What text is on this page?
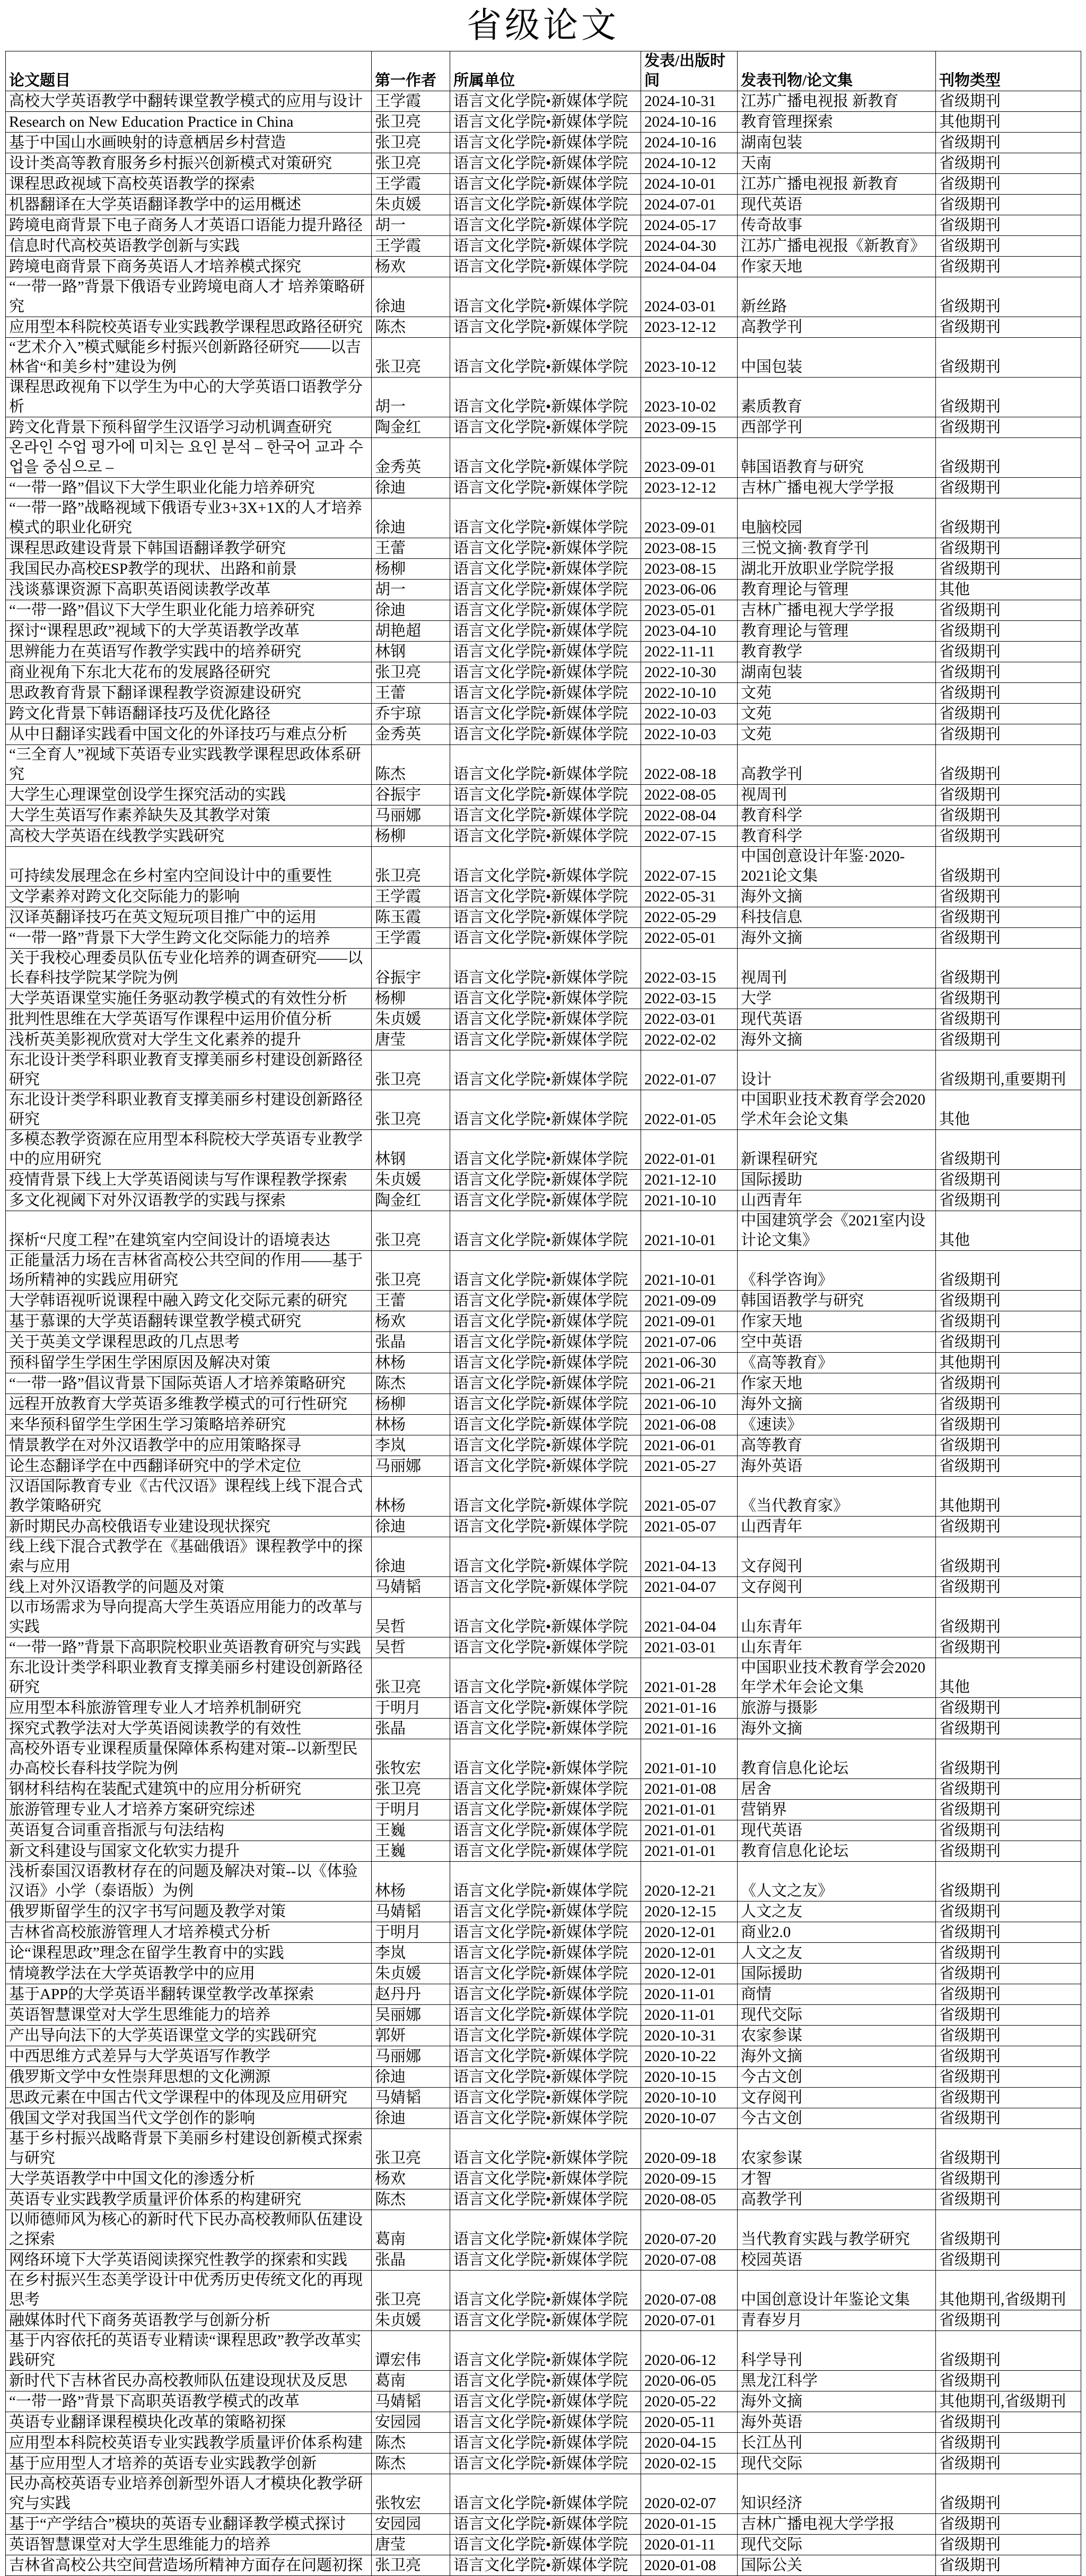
省级论文
论文题目	第一作者	所属单位	发表/出版时间	发表刊物/论文集	刊物类型
高校大学英语教学中翻转课堂教学模式的应用与设计	王学霞	语言文化学院•新媒体学院	2024-10-31	江苏广播电视报 新教育	省级期刊
Research on New Education Practice in China	张卫亮	语言文化学院•新媒体学院	2024-10-16	教育管理探索	其他期刊
基于中国山水画映射的诗意栖居乡村营造	张卫亮	语言文化学院•新媒体学院	2024-10-16	湖南包装	省级期刊
设计类高等教育服务乡村振兴创新模式对策研究	张卫亮	语言文化学院•新媒体学院	2024-10-12	天南	省级期刊
课程思政视域下高校英语教学的探索	王学霞	语言文化学院•新媒体学院	2024-10-01	江苏广播电视报 新教育	省级期刊
机器翻译在大学英语翻译教学中的运用概述	朱贞媛	语言文化学院•新媒体学院	2024-07-01	现代英语	省级期刊
跨境电商背景下电子商务人才英语口语能力提升路径	胡一	语言文化学院•新媒体学院	2024-05-17	传奇故事	省级期刊
信息时代高校英语教学创新与实践	王学霞	语言文化学院•新媒体学院	2024-04-30	江苏广播电视报《新教育》	省级期刊
跨境电商背景下商务英语人才培养模式探究	杨欢	语言文化学院•新媒体学院	2024-04-04	作家天地	省级期刊
“一带一路”背景下俄语专业跨境电商人才 培养策略研究	徐迪	语言文化学院•新媒体学院	2024-03-01	新丝路	省级期刊
应用型本科院校英语专业实践教学课程思政路径研究	陈杰	语言文化学院•新媒体学院	2023-12-12	高教学刊	省级期刊
“艺术介入”模式赋能乡村振兴创新路径研究——以吉林省“和美乡村”建设为例	张卫亮	语言文化学院•新媒体学院	2023-10-12	中国包装	省级期刊
课程思政视角下以学生为中心的大学英语口语教学分析	胡一	语言文化学院•新媒体学院	2023-10-02	素质教育	省级期刊
跨文化背景下预科留学生汉语学习动机调查研究	陶金红	语言文化学院•新媒体学院	2023-09-15	西部学刊	省级期刊
온라인 수업 평가에 미치는 요인 분석 – 한국어 교과 수업을 중심으로 –	金秀英	语言文化学院•新媒体学院	2023-09-01	韩国语教育与研究	省级期刊
“一带一路”倡议下大学生职业化能力培养研究	徐迪	语言文化学院•新媒体学院	2023-12-12	吉林广播电视大学学报	省级期刊
“一带一路”战略视域下俄语专业3+3X+1X的人才培养模式的职业化研究	徐迪	语言文化学院•新媒体学院	2023-09-01	电脑校园	省级期刊
课程思政建设背景下韩国语翻译教学研究	王蕾	语言文化学院•新媒体学院	2023-08-15	三悦文摘·教育学刊	省级期刊
我国民办高校ESP教学的现状、出路和前景	杨柳	语言文化学院•新媒体学院	2023-08-15	湖北开放职业学院学报	省级期刊
浅谈慕课资源下高职英语阅读教学改革	胡一	语言文化学院•新媒体学院	2023-06-06	教育理论与管理	其他
“一带一路”倡议下大学生职业化能力培养研究	徐迪	语言文化学院•新媒体学院	2023-05-01	吉林广播电视大学学报	省级期刊
探讨“课程思政”视域下的大学英语教学改革	胡艳超	语言文化学院•新媒体学院	2023-04-10	教育理论与管理	省级期刊
思辨能力在英语写作教学实践中的培养研究	林钢	语言文化学院•新媒体学院	2022-11-11	教育教学	省级期刊
商业视角下东北大花布的发展路径研究	张卫亮	语言文化学院•新媒体学院	2022-10-30	湖南包装	省级期刊
思政教育背景下翻译课程教学资源建设研究	王蕾	语言文化学院•新媒体学院	2022-10-10	文苑	省级期刊
跨文化背景下韩语翻译技巧及优化路径	乔宇琼	语言文化学院•新媒体学院	2022-10-03	文苑	省级期刊
从中日翻译实践看中国文化的外译技巧与难点分析	金秀英	语言文化学院•新媒体学院	2022-10-03	文苑	省级期刊
“三全育人”视域下英语专业实践教学课程思政体系研究	陈杰	语言文化学院•新媒体学院	2022-08-18	高教学刊	省级期刊
大学生心理课堂创设学生探究活动的实践	谷振宇	语言文化学院•新媒体学院	2022-08-05	视周刊	省级期刊
大学生英语写作素养缺失及其教学对策	马丽娜	语言文化学院•新媒体学院	2022-08-04	教育科学	省级期刊
高校大学英语在线教学实践研究	杨柳	语言文化学院•新媒体学院	2022-07-15	教育科学	省级期刊
可持续发展理念在乡村室内空间设计中的重要性	张卫亮	语言文化学院•新媒体学院	2022-07-15	中国创意设计年鉴·2020-2021论文集	省级期刊
文学素养对跨文化交际能力的影响	王学霞	语言文化学院•新媒体学院	2022-05-31	海外文摘	省级期刊
汉译英翻译技巧在英文短玩项目推广中的运用	陈玉霞	语言文化学院•新媒体学院	2022-05-29	科技信息	省级期刊
“一带一路”背景下大学生跨文化交际能力的培养	王学霞	语言文化学院•新媒体学院	2022-05-01	海外文摘	省级期刊
关于我校心理委员队伍专业化培养的调查研究——以长春科技学院某学院为例	谷振宇	语言文化学院•新媒体学院	2022-03-15	视周刊	省级期刊
大学英语课堂实施任务驱动教学模式的有效性分析	杨柳	语言文化学院•新媒体学院	2022-03-15	大学	省级期刊
批判性思维在大学英语写作课程中运用价值分析	朱贞媛	语言文化学院•新媒体学院	2022-03-01	现代英语	省级期刊
浅析英美影视欣赏对大学生文化素养的提升	唐莹	语言文化学院•新媒体学院	2022-02-02	海外文摘	省级期刊
东北设计类学科职业教育支撑美丽乡村建设创新路径研究	张卫亮	语言文化学院•新媒体学院	2022-01-07	设计	省级期刊,重要期刊
东北设计类学科职业教育支撑美丽乡村建设创新路径研究	张卫亮	语言文化学院•新媒体学院	2022-01-05	中国职业技术教育学会2020学术年会论文集	其他
多模态教学资源在应用型本科院校大学英语专业教学中的应用研究	林钢	语言文化学院•新媒体学院	2022-01-01	新课程研究	省级期刊
疫情背景下线上大学英语阅读与写作课程教学探索	朱贞媛	语言文化学院•新媒体学院	2021-12-10	国际援助	省级期刊
多文化视阈下对外汉语教学的实践与探索	陶金红	语言文化学院•新媒体学院	2021-10-10	山西青年	省级期刊
探析“尺度工程”在建筑室内空间设计的语境表达	张卫亮	语言文化学院•新媒体学院	2021-10-01	中国建筑学会《2021室内设计论文集》	其他
正能量活力场在吉林省高校公共空间的作用——基于场所精神的实践应用研究	张卫亮	语言文化学院•新媒体学院	2021-10-01	《科学咨询》	省级期刊
大学韩语视听说课程中融入跨文化交际元素的研究	王蕾	语言文化学院•新媒体学院	2021-09-09	韩国语教学与研究	省级期刊
基于慕课的大学英语翻转课堂教学模式研究	杨欢	语言文化学院•新媒体学院	2021-09-01	作家天地	省级期刊
关于英美文学课程思政的几点思考	张晶	语言文化学院•新媒体学院	2021-07-06	空中英语	省级期刊
预科留学生学困生学困原因及解决对策	林杨	语言文化学院•新媒体学院	2021-06-30	《高等教育》	其他期刊
“一带一路”倡议背景下国际英语人才培养策略研究	陈杰	语言文化学院•新媒体学院	2021-06-21	作家天地	省级期刊
远程开放教育大学英语多维教学模式的可行性研究	杨柳	语言文化学院•新媒体学院	2021-06-10	海外文摘	省级期刊
来华预科留学生学困生学习策略培养研究	林杨	语言文化学院•新媒体学院	2021-06-08	《速读》	省级期刊
情景教学在对外汉语教学中的应用策略探寻	李岚	语言文化学院•新媒体学院	2021-06-01	高等教育	省级期刊
论生态翻译学在中西翻译研究中的学术定位	马丽娜	语言文化学院•新媒体学院	2021-05-27	海外英语	省级期刊
汉语国际教育专业《古代汉语》课程线上线下混合式教学策略研究	林杨	语言文化学院•新媒体学院	2021-05-07	《当代教育家》	其他期刊
新时期民办高校俄语专业建设现状探究	徐迪	语言文化学院•新媒体学院	2021-05-07	山西青年	省级期刊
线上线下混合式教学在《基础俄语》课程教学中的探索与应用	徐迪	语言文化学院•新媒体学院	2021-04-13	文存阅刊	省级期刊
线上对外汉语教学的问题及对策	马婧韬	语言文化学院•新媒体学院	2021-04-07	文存阅刊	省级期刊
以市场需求为导向提高大学生英语应用能力的改革与实践	吴哲	语言文化学院•新媒体学院	2021-04-04	山东青年	省级期刊
“一带一路”背景下高职院校职业英语教育研究与实践	吴哲	语言文化学院•新媒体学院	2021-03-01	山东青年	省级期刊
东北设计类学科职业教育支撑美丽乡村建设创新路径研究	张卫亮	语言文化学院•新媒体学院	2021-01-28	中国职业技术教育学会2020年学术年会论文集	其他
应用型本科旅游管理专业人才培养机制研究	于明月	语言文化学院•新媒体学院	2021-01-16	旅游与摄影	省级期刊
探究式教学法对大学英语阅读教学的有效性	张晶	语言文化学院•新媒体学院	2021-01-16	海外文摘	省级期刊
高校外语专业课程质量保障体系构建对策--以新型民办高校长春科技学院为例	张牧宏	语言文化学院•新媒体学院	2021-01-10	教育信息化论坛	省级期刊
钢材科结构在装配式建筑中的应用分析研究	张卫亮	语言文化学院•新媒体学院	2021-01-08	居舍	省级期刊
旅游管理专业人才培养方案研究综述	于明月	语言文化学院•新媒体学院	2021-01-01	营销界	省级期刊
英语复合词重音指派与句法结构	王巍	语言文化学院•新媒体学院	2021-01-01	现代英语	省级期刊
新文科建设与国家文化软实力提升	王巍	语言文化学院•新媒体学院	2021-01-01	教育信息化论坛	省级期刊
浅析泰国汉语教材存在的问题及解决对策--以《体验汉语》小学（泰语版）为例	林杨	语言文化学院•新媒体学院	2020-12-21	《人文之友》	省级期刊
俄罗斯留学生的汉字书写问题及教学对策	马婧韬	语言文化学院•新媒体学院	2020-12-15	人文之友	省级期刊
吉林省高校旅游管理人才培养模式分析	于明月	语言文化学院•新媒体学院	2020-12-01	商业2.0	省级期刊
论“课程思政”理念在留学生教育中的实践	李岚	语言文化学院•新媒体学院	2020-12-01	人文之友	省级期刊
情境教学法在大学英语教学中的应用	朱贞媛	语言文化学院•新媒体学院	2020-12-01	国际援助	省级期刊
基于APP的大学英语半翻转课堂教学改革探索	赵丹丹	语言文化学院•新媒体学院	2020-11-01	商情	省级期刊
英语智慧课堂对大学生思维能力的培养	吴丽娜	语言文化学院•新媒体学院	2020-11-01	现代交际	省级期刊
产出导向法下的大学英语课堂文学的实践研究	郭妍	语言文化学院•新媒体学院	2020-10-31	农家参谋	省级期刊
中西思维方式差异与大学英语写作教学	马丽娜	语言文化学院•新媒体学院	2020-10-22	海外文摘	省级期刊
俄罗斯文学中女性崇拜思想的文化溯源	徐迪	语言文化学院•新媒体学院	2020-10-15	今古文创	省级期刊
思政元素在中国古代文学课程中的体现及应用研究	马婧韬	语言文化学院•新媒体学院	2020-10-10	文存阅刊	省级期刊
俄国文学对我国当代文学创作的影响	徐迪	语言文化学院•新媒体学院	2020-10-07	今古文创	省级期刊
基于乡村振兴战略背景下美丽乡村建设创新模式探索与研究	张卫亮	语言文化学院•新媒体学院	2020-09-18	农家参谋	省级期刊
大学英语教学中中国文化的渗透分析	杨欢	语言文化学院•新媒体学院	2020-09-15	才智	省级期刊
英语专业实践教学质量评价体系的构建研究	陈杰	语言文化学院•新媒体学院	2020-08-05	高教学刊	省级期刊
以师德师风为核心的新时代下民办高校教师队伍建设之探索	葛南	语言文化学院•新媒体学院	2020-07-20	当代教育实践与教学研究	省级期刊
网络环境下大学英语阅读探究性教学的探索和实践	张晶	语言文化学院•新媒体学院	2020-07-08	校园英语	省级期刊
在乡村振兴生态美学设计中优秀历史传统文化的再现思考	张卫亮	语言文化学院•新媒体学院	2020-07-08	中国创意设计年鉴论文集	其他期刊,省级期刊
融媒体时代下商务英语教学与创新分析	朱贞媛	语言文化学院•新媒体学院	2020-07-01	青春岁月	省级期刊
基于内容依托的英语专业精读“课程思政”教学改革实践研究	谭宏伟	语言文化学院•新媒体学院	2020-06-12	科学导刊	省级期刊
新时代下吉林省民办高校教师队伍建设现状及反思	葛南	语言文化学院•新媒体学院	2020-06-05	黑龙江科学	省级期刊
“一带一路”背景下高职英语教学模式的改革	马婧韬	语言文化学院•新媒体学院	2020-05-22	海外文摘	其他期刊,省级期刊
英语专业翻译课程模块化改革的策略初探	安园园	语言文化学院•新媒体学院	2020-05-11	海外英语	省级期刊
应用型本科院校英语专业实践教学质量评价体系构建	陈杰	语言文化学院•新媒体学院	2020-04-15	长江丛刊	省级期刊
基于应用型人才培养的英语专业实践教学创新	陈杰	语言文化学院•新媒体学院	2020-02-15	现代交际	省级期刊
民办高校英语专业培养创新型外语人才模块化教学研究与实践	张牧宏	语言文化学院•新媒体学院	2020-02-07	知识经济	省级期刊
基于“产学结合”模块的英语专业翻译教学模式探讨	安园园	语言文化学院•新媒体学院	2020-01-15	吉林广播电视大学学报	省级期刊
英语智慧课堂对大学生思维能力的培养	唐莹	语言文化学院•新媒体学院	2020-01-11	现代交际	省级期刊
吉林省高校公共空间营造场所精神方面存在问题初探	张卫亮	语言文化学院•新媒体学院	2020-01-08	国际公关	省级期刊
